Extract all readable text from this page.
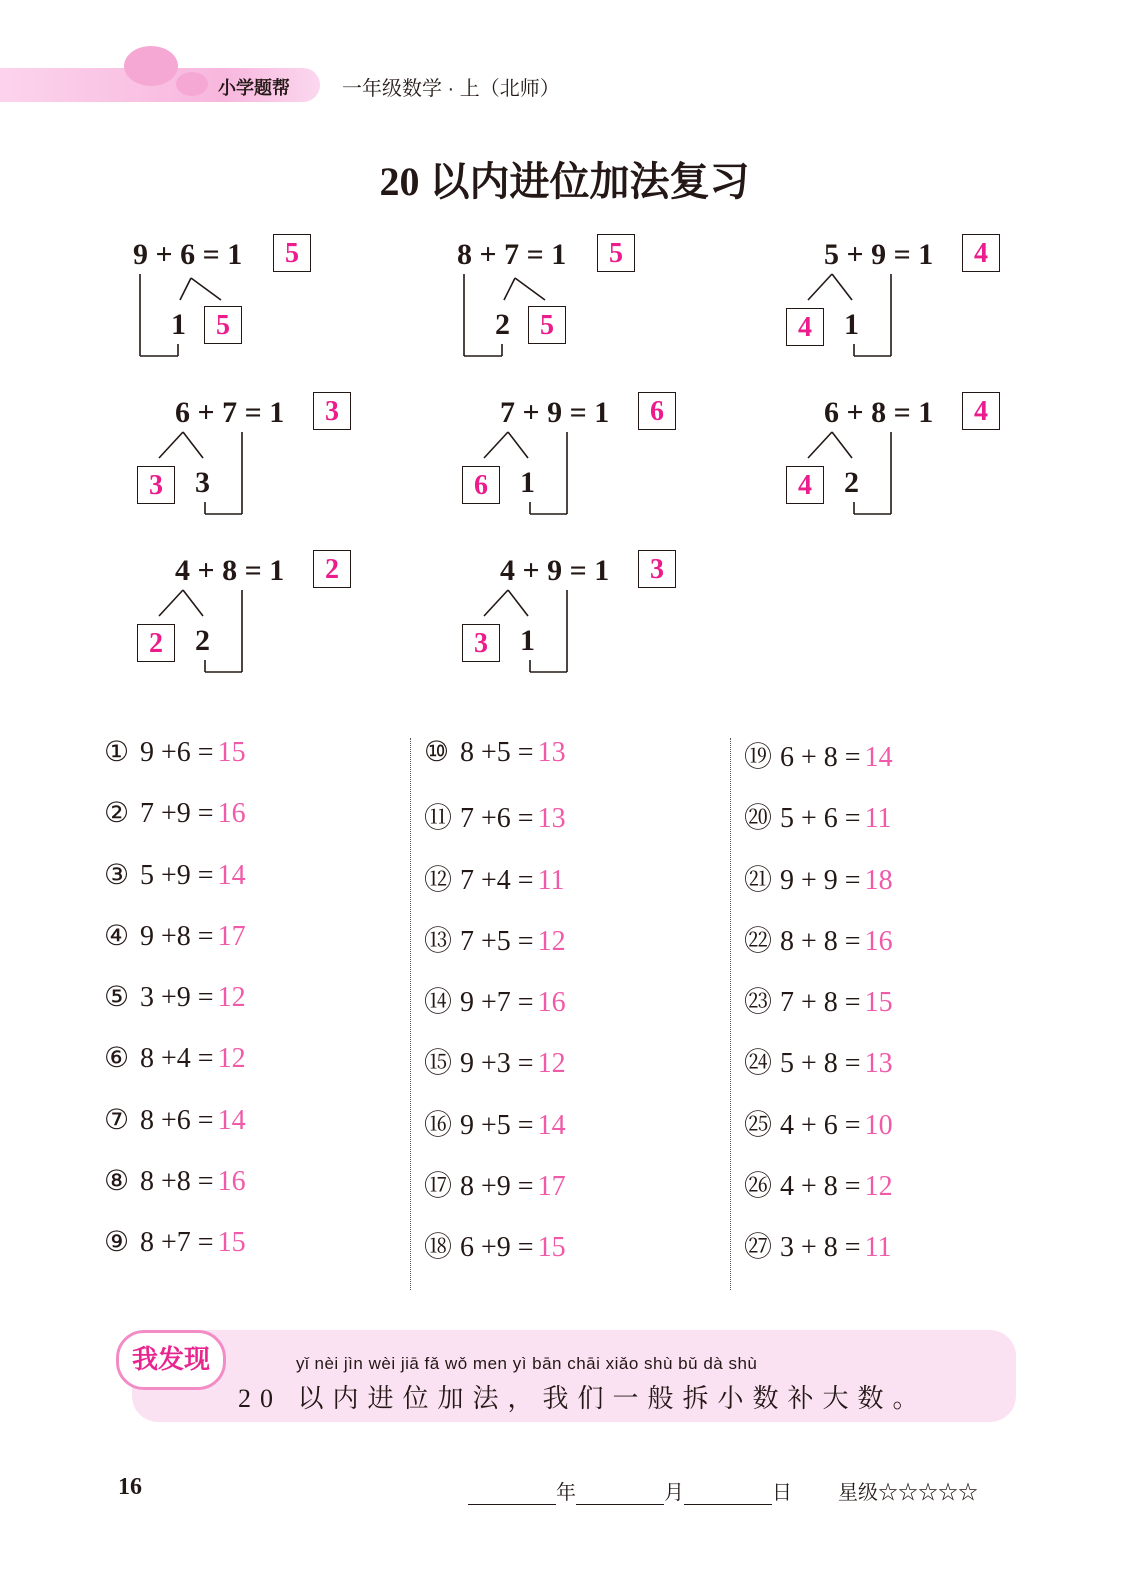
小学题帮	一年级数学 · 上（北师）
20 以内进位加法复习
9 + 6 = 1	5
5
1
8 + 7 = 1	5
5
2
5 + 9 = 1	4
4	1
6 + 7 = 1	3
3	3
7 + 9 = 1	6
6	1
6 + 8 = 1	4
4	2
4 + 8 = 1	2
2	2
4 + 9 = 1	3
3	1
① 9 +6 = 15
② 7 +9 = 16
③ 5 +9 = 14
④ 9 +8 = 17
⑤ 3 +9 = 12
⑥ 8 +4 = 12
⑦ 8 +6 = 14
⑧ 8 +8 = 16
⑨ 8 +7 = 15
⑩ 8 +5 = 13
⑪ 7 +6 = 13
⑫ 7 +4 = 11
⑬ 7 +5 = 12
⑭ 9 +7 = 16
⑮ 9 +3 = 12
⑯ 9 +5 = 14
⑰ 8 +9 = 17
⑱ 6 +9 = 15
⑲ 6 + 8 = 14
⑳ 5 + 6 = 11
㉑ 9 + 9 = 18
㉒ 8 + 8 = 16
㉓ 7 + 8 = 15
㉔ 5 + 8 = 13
㉕ 4 + 6 = 10
㉖ 4 + 8 = 12
㉗ 3 + 8 = 11
我发现	yǐ nèi jìn wèi jiā fǎ wǒ men yì bān chāi xiǎo shù bǔ dà shù
20 以内进位加法，我们一般拆小数补大数。
16	年	月	日 星级☆☆☆☆☆
